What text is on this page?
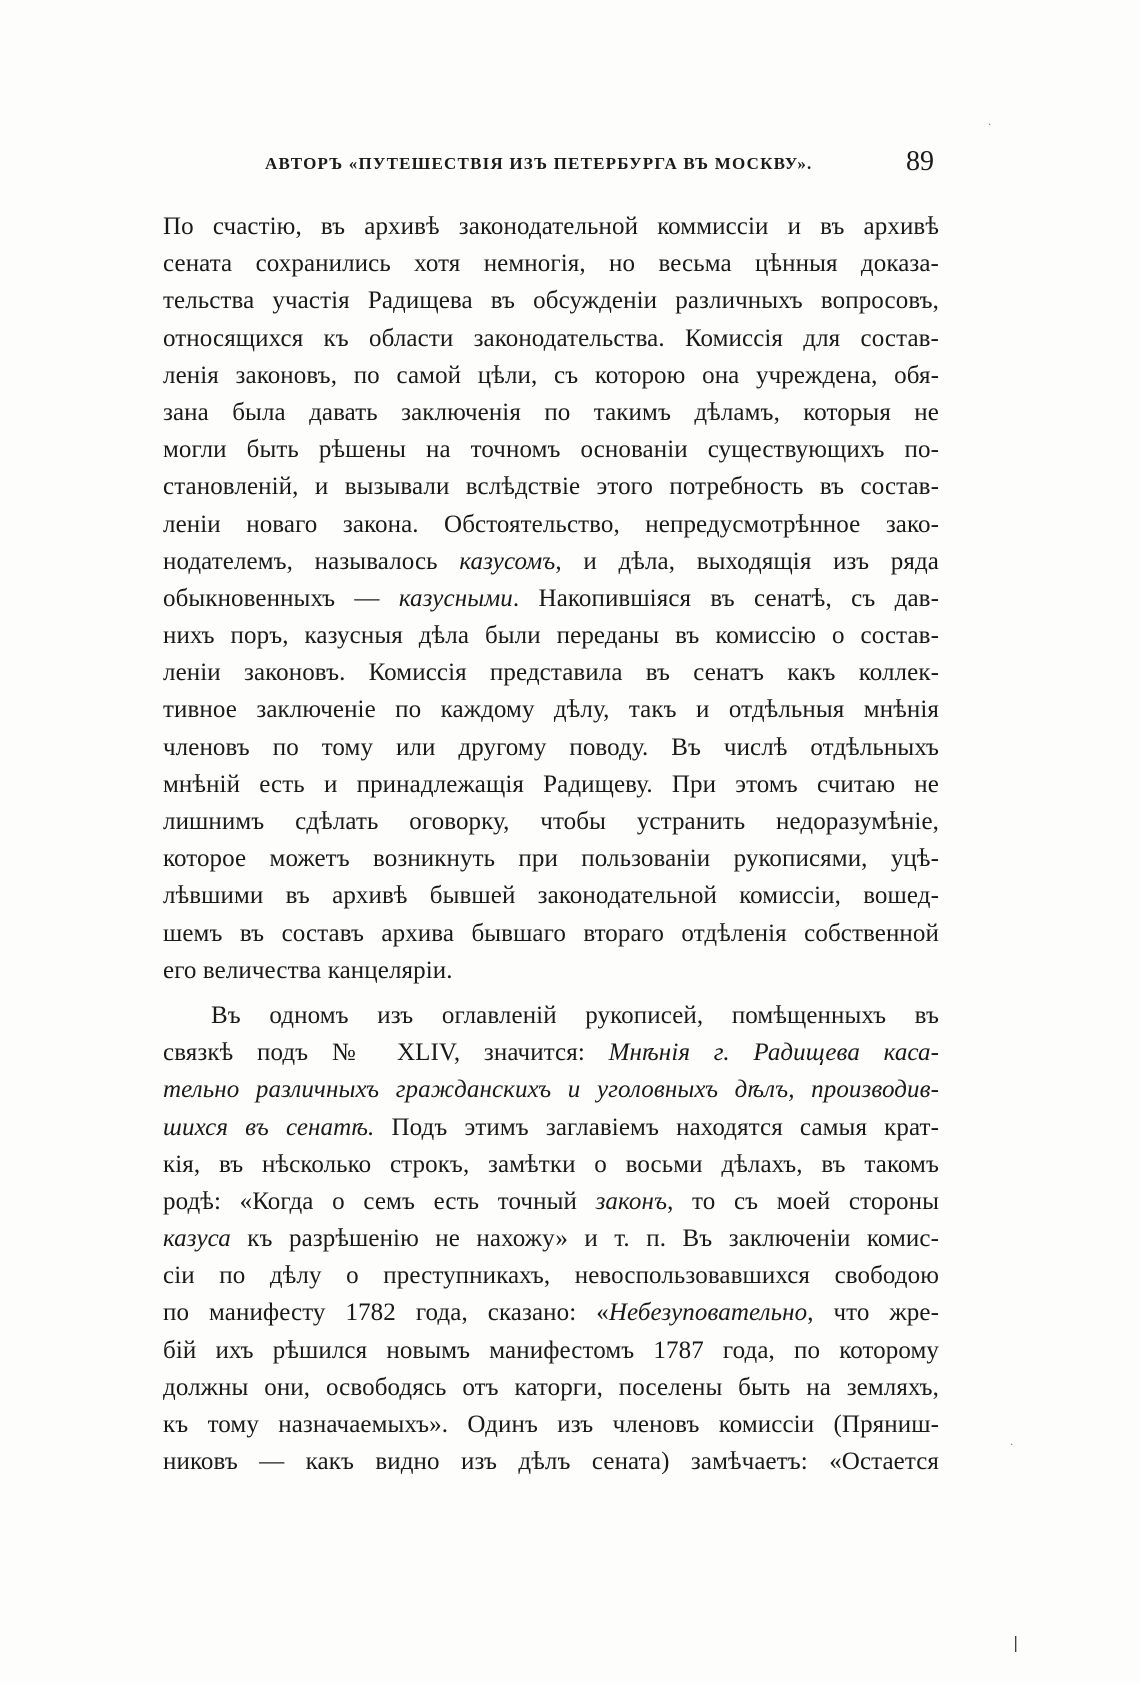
АВТОРЪ «ПУТЕШЕСТВІЯ ИЗЪ ПЕТЕРБУРГА ВЪ МОСКВУ».	89
По счастію, въ архивѣ законодательной коммиссіи и въ архивѣ
сената сохранились хотя немногія, но весьма цѣнныя доказа-
тельства участія Радищева въ обсужденіи различныхъ вопросовъ,
относящихся къ области законодательства. Комиссія для состав-
ленія законовъ, по самой цѣли, съ которою она учреждена, обя-
зана была давать заключенія по такимъ дѣламъ, которыя не
могли быть рѣшены на точномъ основаніи существующихъ по-
становленій, и вызывали вслѣдствіе этого потребность въ состав-
леніи новаго закона. Обстоятельство, непредусмотрѣнное зако-
нодателемъ, называлось казусомъ, и дѣла, выходящія изъ ряда
обыкновенныхъ — казусными. Накопившіяся въ сенатѣ, съ дав-
нихъ поръ, казусныя дѣла были переданы въ комиссію о состав-
леніи законовъ. Комиссія представила въ сенатъ какъ коллек-
тивное заключеніе по каждому дѣлу, такъ и отдѣльныя мнѣнія
членовъ по тому или другому поводу. Въ числѣ отдѣльныхъ
мнѣній есть и принадлежащія Радищеву. При этомъ считаю не
лишнимъ сдѣлать оговорку, чтобы устранить недоразумѣніе,
которое можетъ возникнуть при пользованіи рукописями, уцѣ-
лѣвшими въ архивѣ бывшей законодательной комиссіи, вошед-
шемъ въ составъ архива бывшаго втораго отдѣленія собственной
его величества канцеляріи.
Въ одномъ изъ оглавленій рукописей, помѣщенныхъ въ
связкѣ подъ № XLIV, значится: Мнѣнія г. Радищева каса-
тельно различныхъ гражданскихъ и уголовныхъ дѣлъ, производив-
шихся въ сенатѣ. Подъ этимъ заглавіемъ находятся самыя крат-
кія, въ нѣсколько строкъ, замѣтки о восьми дѣлахъ, въ такомъ
родѣ: «Когда о семъ есть точный законъ, то съ моей стороны
казуса къ разрѣшенію не нахожу» и т. п. Въ заключеніи комис-
сіи по дѣлу о преступникахъ, невоспользовавшихся свободою
по манифесту 1782 года, сказано: «Небезуповательно, что жре-
бій ихъ рѣшился новымъ манифестомъ 1787 года, по которому
должны они, освободясь отъ каторги, поселены быть на земляхъ,
къ тому назначаемыхъ». Одинъ изъ членовъ комиссіи (Пряниш-
никовъ — какъ видно изъ дѣлъ сената) замѣчаетъ: «Остается
·
·
|
